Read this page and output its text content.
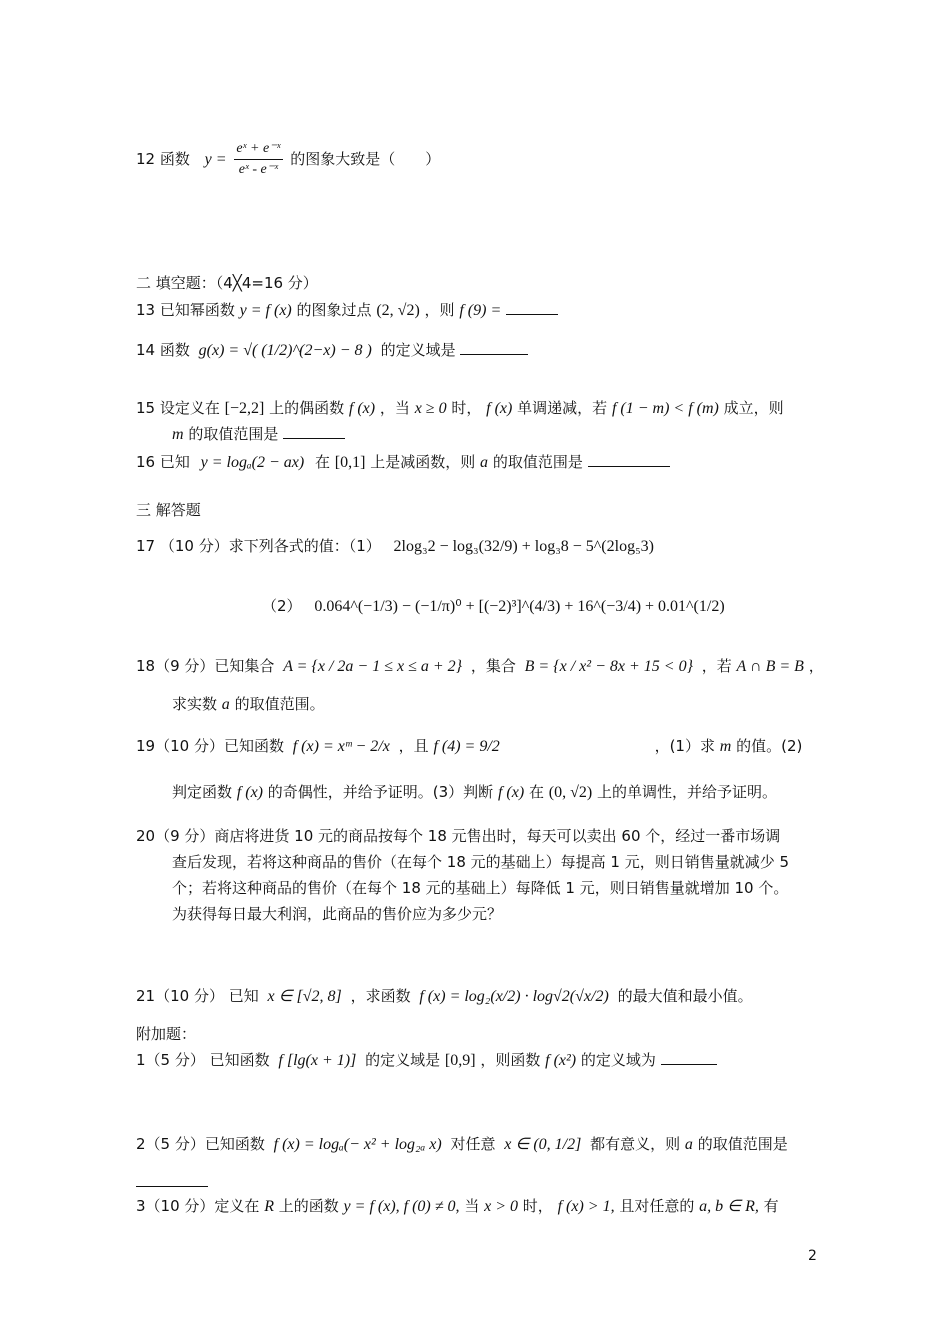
12 函数 $y = \frac{\text{eˣ + e⁻ˣ}}{\text{eˣ - e⁻ˣ}}$ 的图象大致是（　　）
二 填空题：（4╳4=16 分）
13 已知幂函数 y = f (x) 的图象过点 (2, √2) ，则 f (9) =
14 函数 g(x) = √( (1/2)^(2−x) − 8 ) 的定义域是
15 设定义在 [−2,2] 上的偶函数 f (x) ，当 x ≥ 0 时， f (x) 单调递减，若 f (1 − m) < f (m) 成立，则
m 的取值范围是
16 已知 y = logₐ(2 − ax) 在 [0,1] 上是减函数，则 a 的取值范围是
三 解答题
17 （10 分）求下列各式的值：（1） 2log₃2 − log₃(32/9) + log₃8 − 5^(2log₅3)
（2） 0.064^(−1/3) − (−1/π)⁰ + [(−2)³]^(4/3) + 16^(−3/4) + 0.01^(1/2)
18（9 分）已知集合 A = {x / 2a − 1 ≤ x ≤ a + 2} ，集合 B = {x / x² − 8x + 15 < 0} ，若 A ∩ B = B ，
求实数 a 的取值范围。
19（10 分）已知函数 f (x) = xᵐ − 2/x ，且 f (4) = 9/2	，(1）求 m 的值。(2)
判定函数 f (x) 的奇偶性，并给予证明。(3）判断 f (x) 在 (0, √2) 上的单调性，并给予证明。
20（9 分）商店将进货 10 元的商品按每个 18 元售出时，每天可以卖出 60 个，经过一番市场调
查后发现，若将这种商品的售价（在每个 18 元的基础上）每提高 1 元，则日销售量就减少 5
个；若将这种商品的售价（在每个 18 元的基础上）每降低 1 元，则日销售量就增加 10 个。
为获得每日最大利润，此商品的售价应为多少元？
21（10 分） 已知 x ∈ [√2, 8] ，求函数 f (x) = log₂(x/2) · log√2(√x/2) 的最大值和最小值。
附加题：
1（5 分） 已知函数 f [lg(x + 1)] 的定义域是 [0,9] ，则函数 f (x²) 的定义域为
2（5 分）已知函数 f (x) = logₐ(− x² + log₂ₐ x) 对任意 x ∈ (0, 1/2] 都有意义，则 a 的取值范围是
3（10 分）定义在 R 上的函数 y = f (x), f (0) ≠ 0, 当 x > 0 时， f (x) > 1, 且对任意的 a, b ∈ R, 有
2
